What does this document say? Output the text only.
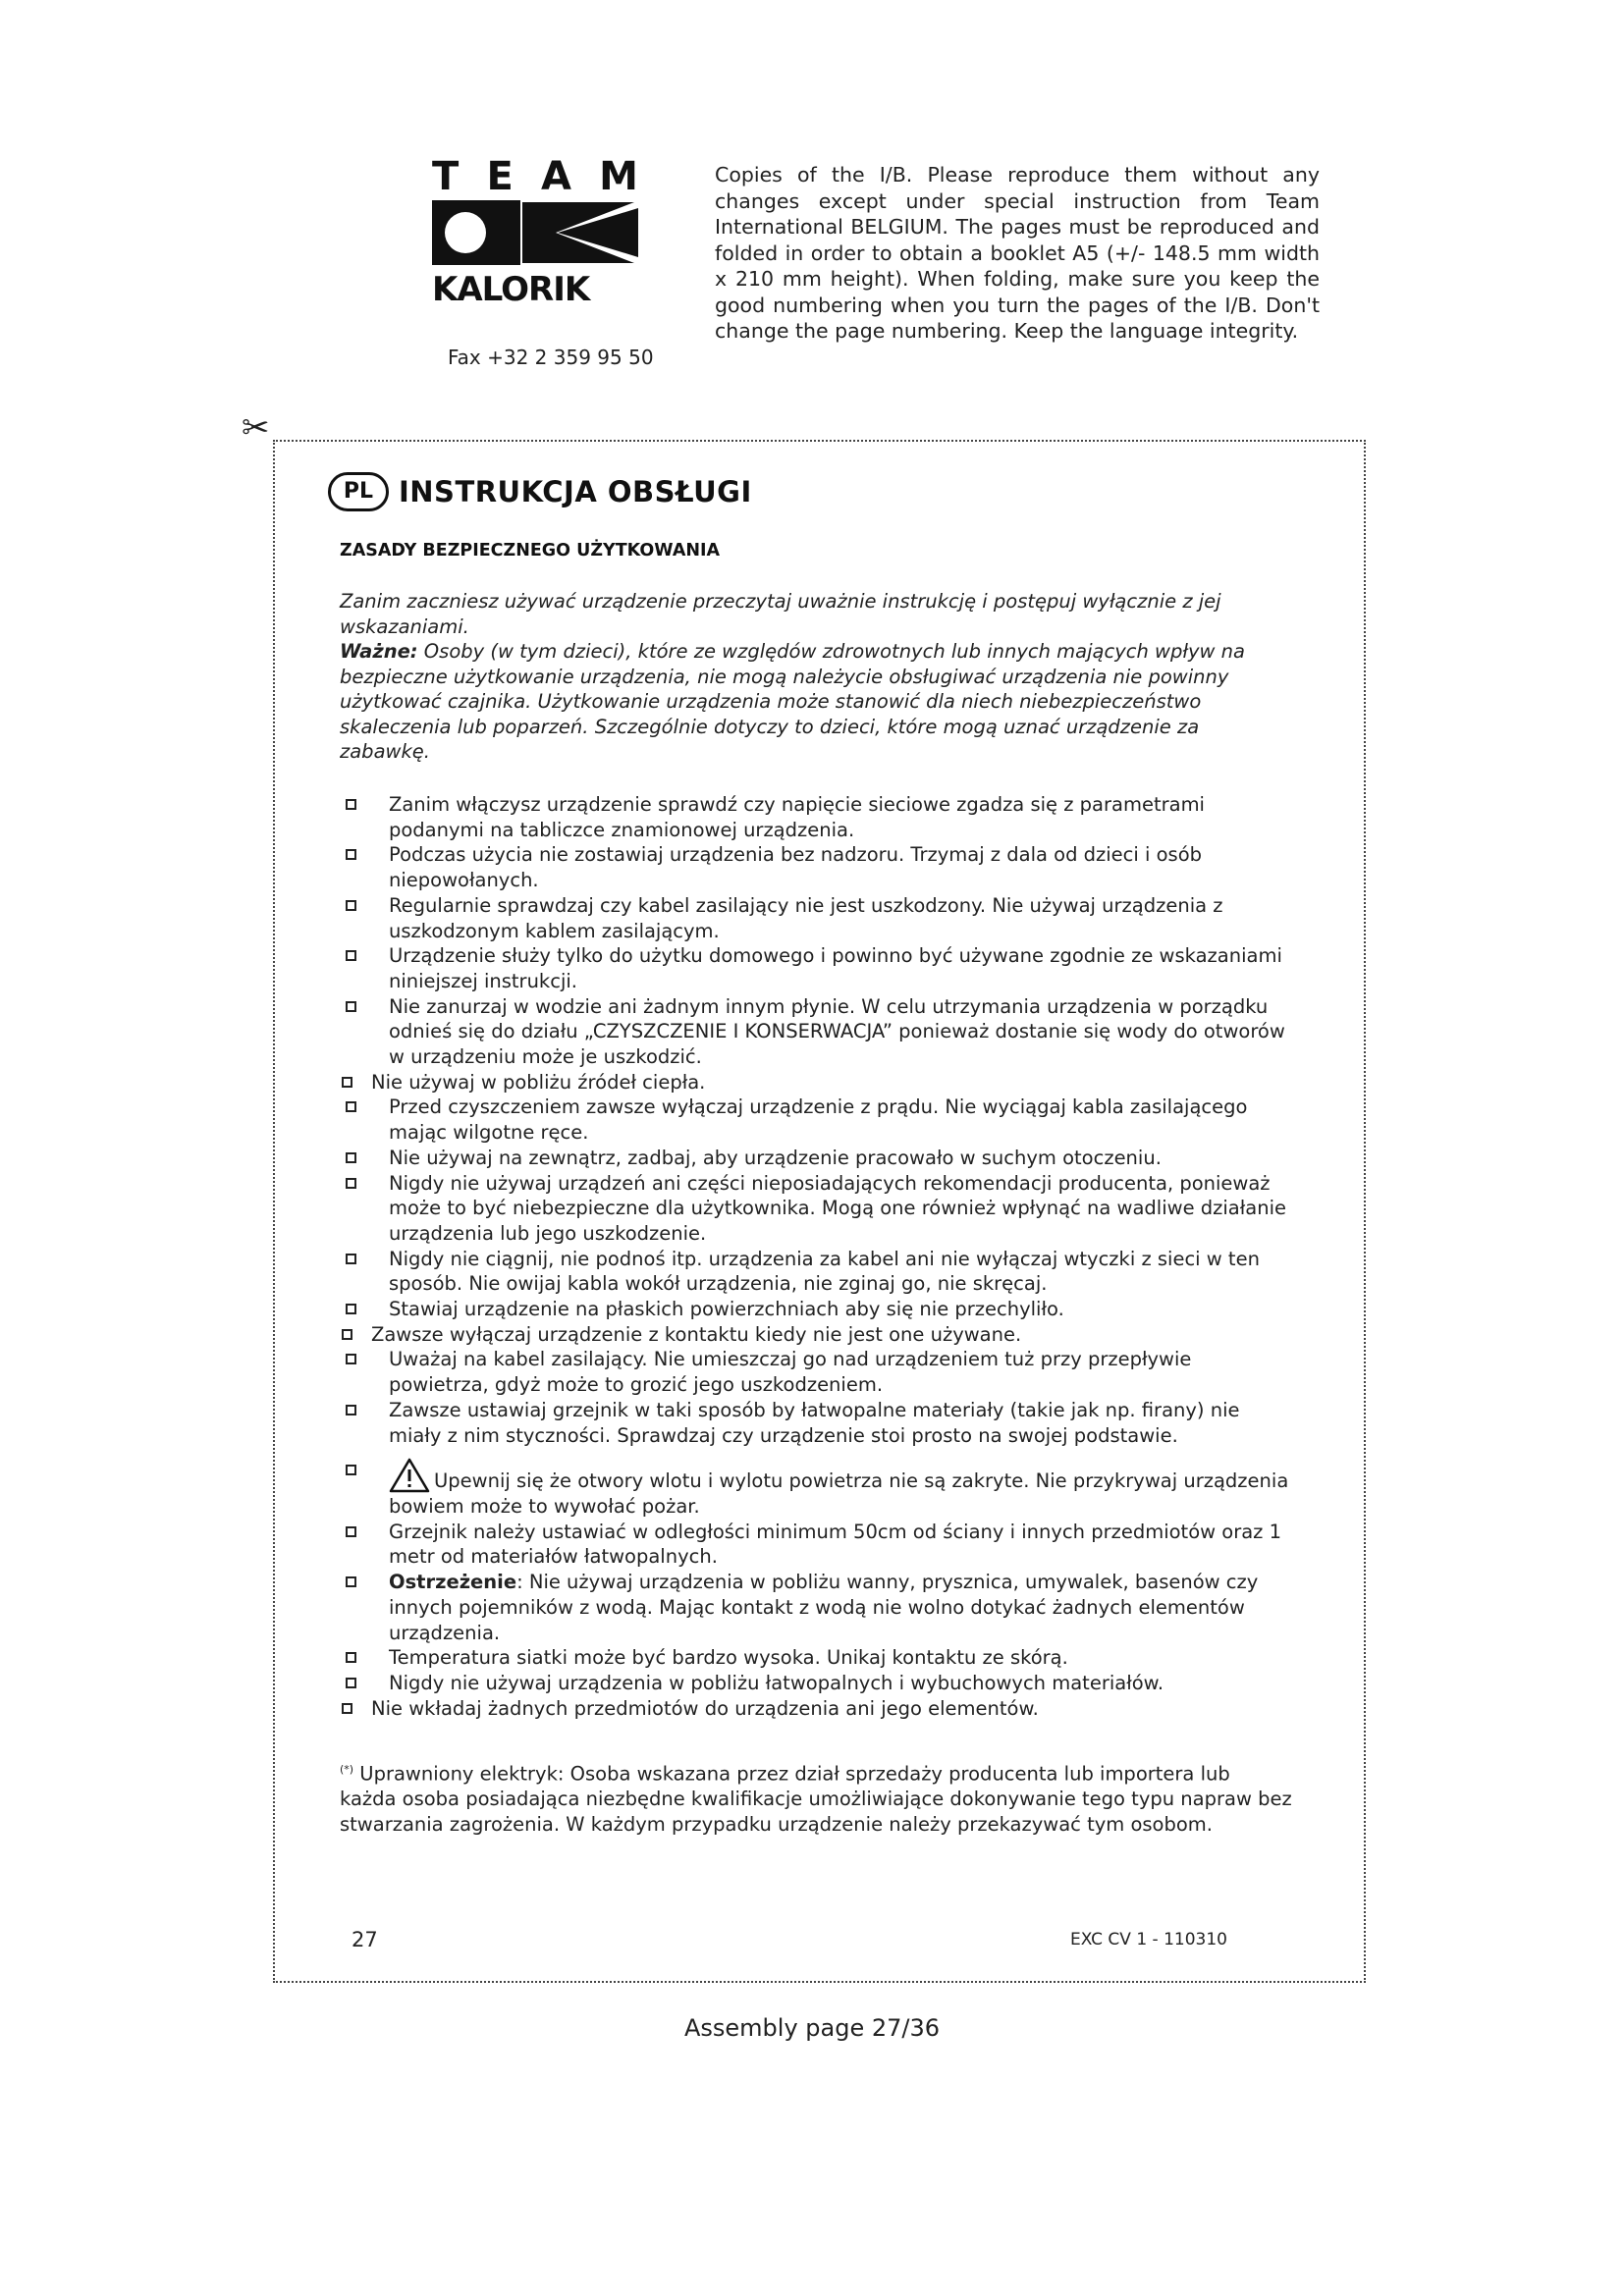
T E A M
KALORIK
Fax +32 2 359 95 50

Copies of the I/B. Please reproduce them without any changes except under special instruction from Team International BELGIUM. The pages must be reproduced and folded in order to obtain a booklet A5 (+/- 148.5 mm width x 210 mm height). When folding, make sure you keep the good numbering when you turn the pages of the I/B. Don't change the page numbering. Keep the language integrity.

✂
PL INSTRUKCJA OBSŁUGI
ZASADY BEZPIECZNEGO UŻYTKOWANIA

Zanim zaczniesz używać urządzenie przeczytaj uważnie instrukcję i postępuj wyłącznie z jej wskazaniami.

Ważne: Osoby (w tym dzieci), które ze względów zdrowotnych lub innych mających wpływ na bezpieczne użytkowanie urządzenia, nie mogą należycie obsługiwać urządzenia nie powinny użytkować czajnika. Użytkowanie urządzenia może stanowić dla niech niebezpieczeństwo skaleczenia lub poparzeń. Szczególnie dotyczy to dzieci, które mogą uznać urządzenie za zabawkę.

Zanim włączysz urządzenie sprawdź czy napięcie sieciowe zgadza się z parametrami podanymi na tabliczce znamionowej urządzenia.
Podczas użycia nie zostawiaj urządzenia bez nadzoru. Trzymaj z dala od dzieci i osób niepowołanych.
Regularnie sprawdzaj czy kabel zasilający nie jest uszkodzony. Nie używaj urządzenia z uszkodzonym kablem zasilającym.
Urządzenie służy tylko do użytku domowego i powinno być używane zgodnie ze wskazaniami niniejszej instrukcji.
Nie zanurzaj w wodzie ani żadnym innym płynie. W celu utrzymania urządzenia w porządku odnieś się do działu „CZYSZCZENIE I KONSERWACJA” ponieważ dostanie się wody do otworów w urządzeniu może je uszkodzić.
Nie używaj w pobliżu źródeł ciepła.
Przed czyszczeniem zawsze wyłączaj urządzenie z prądu. Nie wyciągaj kabla zasilającego mając wilgotne ręce.
Nie używaj na zewnątrz, zadbaj, aby urządzenie pracowało w suchym otoczeniu.
Nigdy nie używaj urządzeń ani części nieposiadających rekomendacji producenta, ponieważ może to być niebezpieczne dla użytkownika. Mogą one również wpłynąć na wadliwe działanie urządzenia lub jego uszkodzenie.
Nigdy nie ciągnij, nie podnoś itp. urządzenia za kabel ani nie wyłączaj wtyczki z sieci w ten sposób. Nie owijaj kabla wokół urządzenia, nie zginaj go, nie skręcaj.
Stawiaj urządzenie na płaskich powierzchniach aby się nie przechyliło.
Zawsze wyłączaj urządzenie z kontaktu kiedy nie jest one używane.
Uważaj na kabel zasilający. Nie umieszczaj go nad urządzeniem tuż przy przepływie powietrza, gdyż może to grozić jego uszkodzeniem.
Zawsze ustawiaj grzejnik w taki sposób by łatwopalne materiały (takie jak np. firany) nie miały z nim styczności. Sprawdzaj czy urządzenie stoi prosto na swojej podstawie.
Upewnij się że otwory wlotu i wylotu powietrza nie są zakryte. Nie przykrywaj urządzenia bowiem może to wywołać pożar.
Grzejnik należy ustawiać w odległości minimum 50cm od ściany i innych przedmiotów oraz 1 metr od materiałów łatwopalnych.
Ostrzeżenie: Nie używaj urządzenia w pobliżu wanny, prysznica, umywalek, basenów czy innych pojemników z wodą. Mając kontakt z wodą nie wolno dotykać żadnych elementów urządzenia.
Temperatura siatki może być bardzo wysoka. Unikaj kontaktu ze skórą.
Nigdy nie używaj urządzenia w pobliżu łatwopalnych i wybuchowych materiałów.
Nie wkładaj żadnych przedmiotów do urządzenia ani jego elementów.

(*) Uprawniony elektryk: Osoba wskazana przez dział sprzedaży producenta lub importera lub każda osoba posiadająca niezbędne kwalifikacje umożliwiające dokonywanie tego typu napraw bez stwarzania zagrożenia. W każdym przypadku urządzenie należy przekazywać tym osobom.

27	EXC CV 1 - 110310
Assembly page 27/36
